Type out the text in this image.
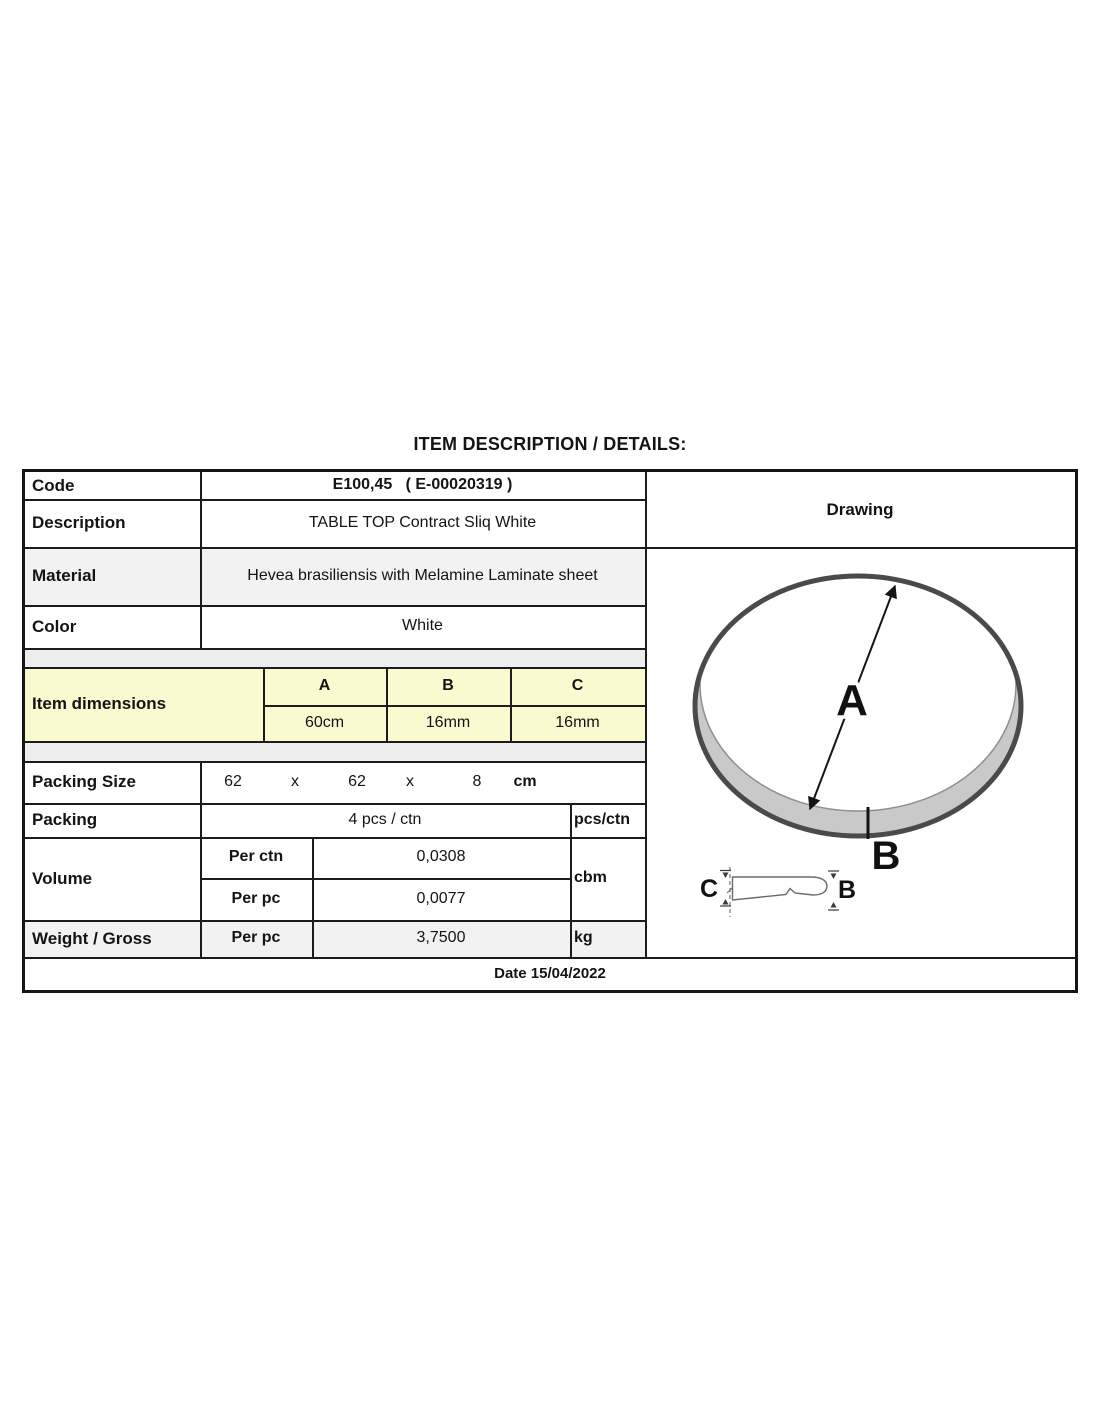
ITEM DESCRIPTION / DETAILS:
Code	E100,45   ( E-00020319 )
Description	TABLE TOP Contract Sliq White
Material	Hevea brasiliensis with Melamine Laminate sheet
Color	White
Item dimensions
A	B	C
60cm	16mm	16mm
Packing Size	62	x	62	x	8 cm
Packing	4 pcs / ctn	pcs/ctn
Volume
Per ctn	0,0308
Per pc	0,0077
cbm
Weight / Gross	Per pc	3,7500	kg
Date 15/04/2022
Drawing
A
B
C	B
